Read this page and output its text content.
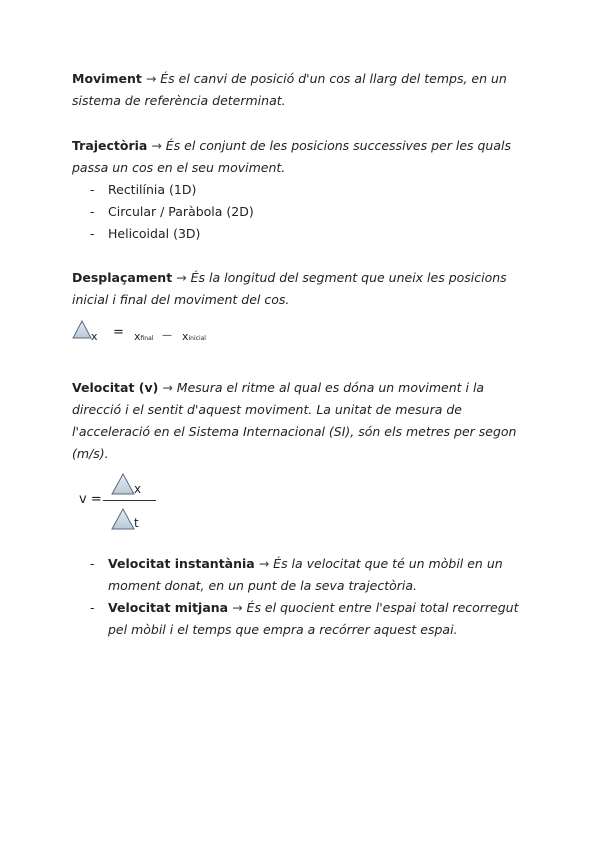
Moviment → És el canvi de posició d'un cos al llarg del temps, en un sistema de referència determinat.
Trajectòria → És el conjunt de les posicions successives per les quals passa un cos en el seu moviment.
- Rectilínia (1D)
- Circular / Paràbola (2D)
- Helicoidal (3D)
Desplaçament → És la longitud del segment que uneix les posicions inicial i final del moviment del cos.
x = xfinal — xinicial
Velocitat (v) → Mesura el ritme al qual es dóna un moviment i la direcció i el sentit d'aquest moviment. La unitat de mesura de l'acceleració en el Sistema Internacional (SI), són els metres per segon (m/s).
v =
x
t
- Velocitat instantània → És la velocitat que té un mòbil en un moment donat, en un punt de la seva trajectòria.
- Velocitat mitjana → És el quocient entre l'espai total recorregut pel mòbil i el temps que empra a recórrer aquest espai.
